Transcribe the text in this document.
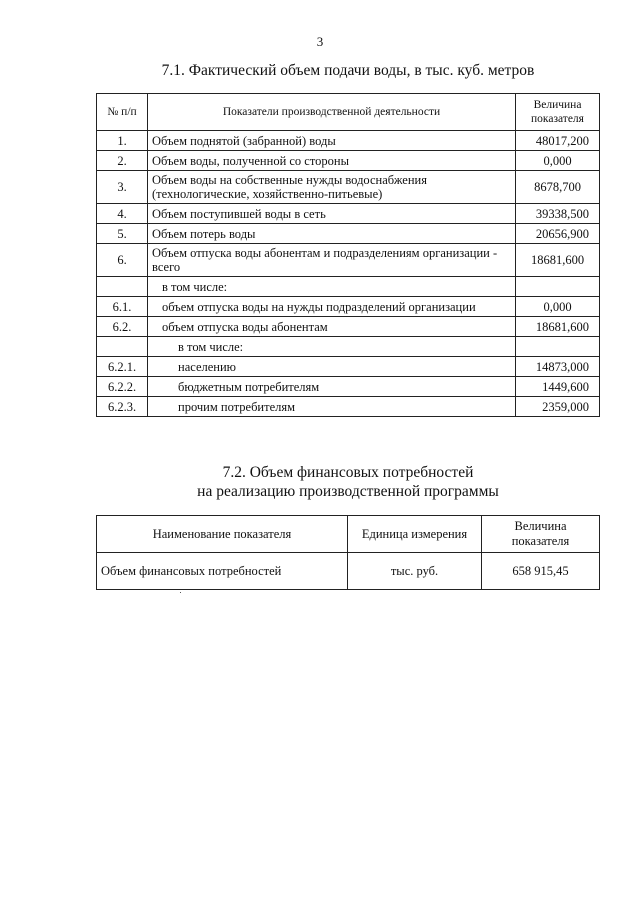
3
7.1. Фактический объем подачи воды, в тыс. куб. метров
№ п/п	Показатели производственной деятельности	Величина
показателя
1.	Объем поднятой (забранной) воды	48017,200
2.	Объем воды, полученной со стороны	0,000
3.	Объем воды на собственные нужды водоснабжения (технологические, хозяйственно-питьевые)	8678,700
4.	Объем поступившей воды в сеть	39338,500
5.	Объем потерь воды	20656,900
6.	Объем отпуска воды абонентам и подразделениям организации - всего	18681,600
	в том числе:	
6.1.	объем отпуска воды на нужды подразделений организации	0,000
6.2.	объем отпуска воды абонентам	18681,600
	в том числе:	
6.2.1.	населению	14873,000
6.2.2.	бюджетным потребителям	1449,600
6.2.3.	прочим потребителям	2359,000
7.2. Объем финансовых потребностей
на реализацию производственной программы
Наименование показателя	Единица измерения	Величина показателя
Объем финансовых потребностей	тыс. руб.	658 915,45
